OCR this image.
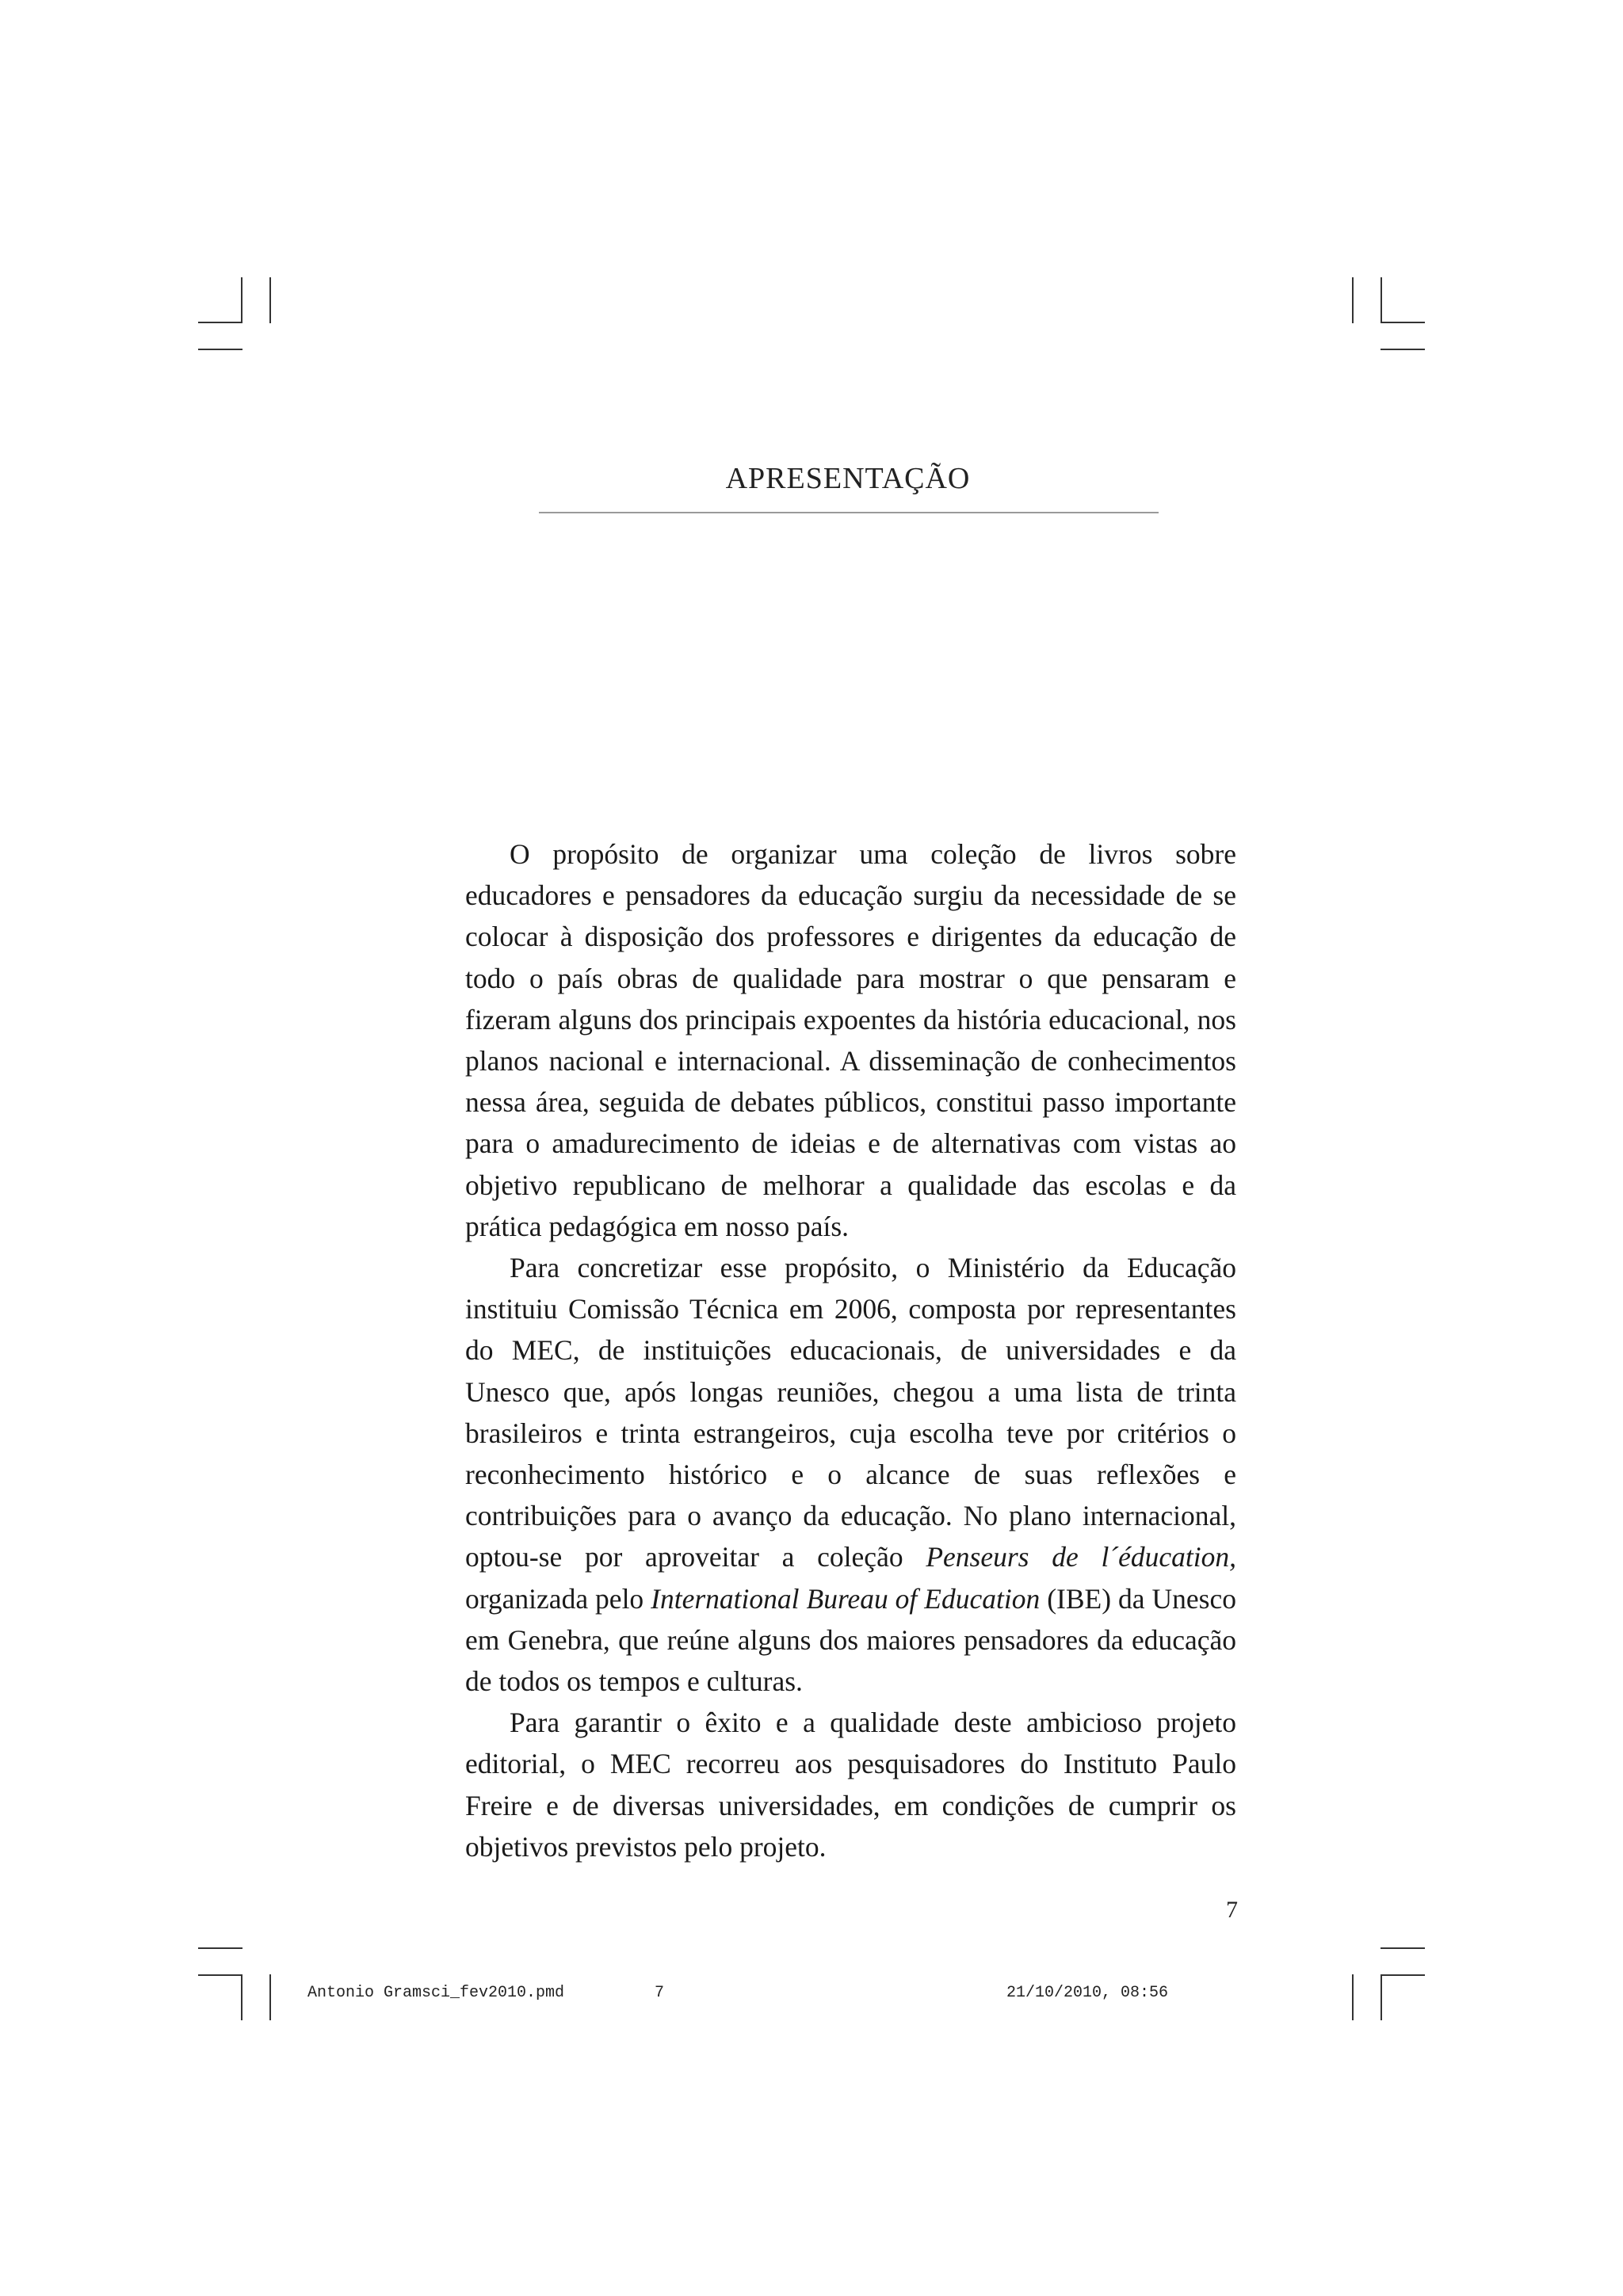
APRESENTAÇÃO

O propósito de organizar uma coleção de livros sobre educadores e pensadores da educação surgiu da necessidade de se colocar à disposição dos professores e dirigentes da educação de todo o país obras de qualidade para mostrar o que pensaram e fizeram alguns dos principais expoentes da história educacional, nos planos nacional e internacional. A disseminação de conhecimentos nessa área, seguida de debates públicos, constitui passo importante para o amadurecimento de ideias e de alternativas com vistas ao objetivo republicano de melhorar a qualidade das escolas e da prática pedagógica em nosso país.

Para concretizar esse propósito, o Ministério da Educação instituiu Comissão Técnica em 2006, composta por representantes do MEC, de instituições educacionais, de universidades e da Unesco que, após longas reuniões, chegou a uma lista de trinta brasileiros e trinta estrangeiros, cuja escolha teve por critérios o reconhecimento histórico e o alcance de suas reflexões e contribuições para o avanço da educação. No plano internacional, optou-se por aproveitar a coleção Penseurs de l´éducation, organizada pelo International Bureau of Education (IBE) da Unesco em Genebra, que reúne alguns dos maiores pensadores da educação de todos os tempos e culturas.

Para garantir o êxito e a qualidade deste ambicioso projeto editorial, o MEC recorreu aos pesquisadores do Instituto Paulo Freire e de diversas universidades, em condições de cumprir os objetivos previstos pelo projeto.

7
Antonio Gramsci_fev2010.pmd	7	21/10/2010, 08:56
